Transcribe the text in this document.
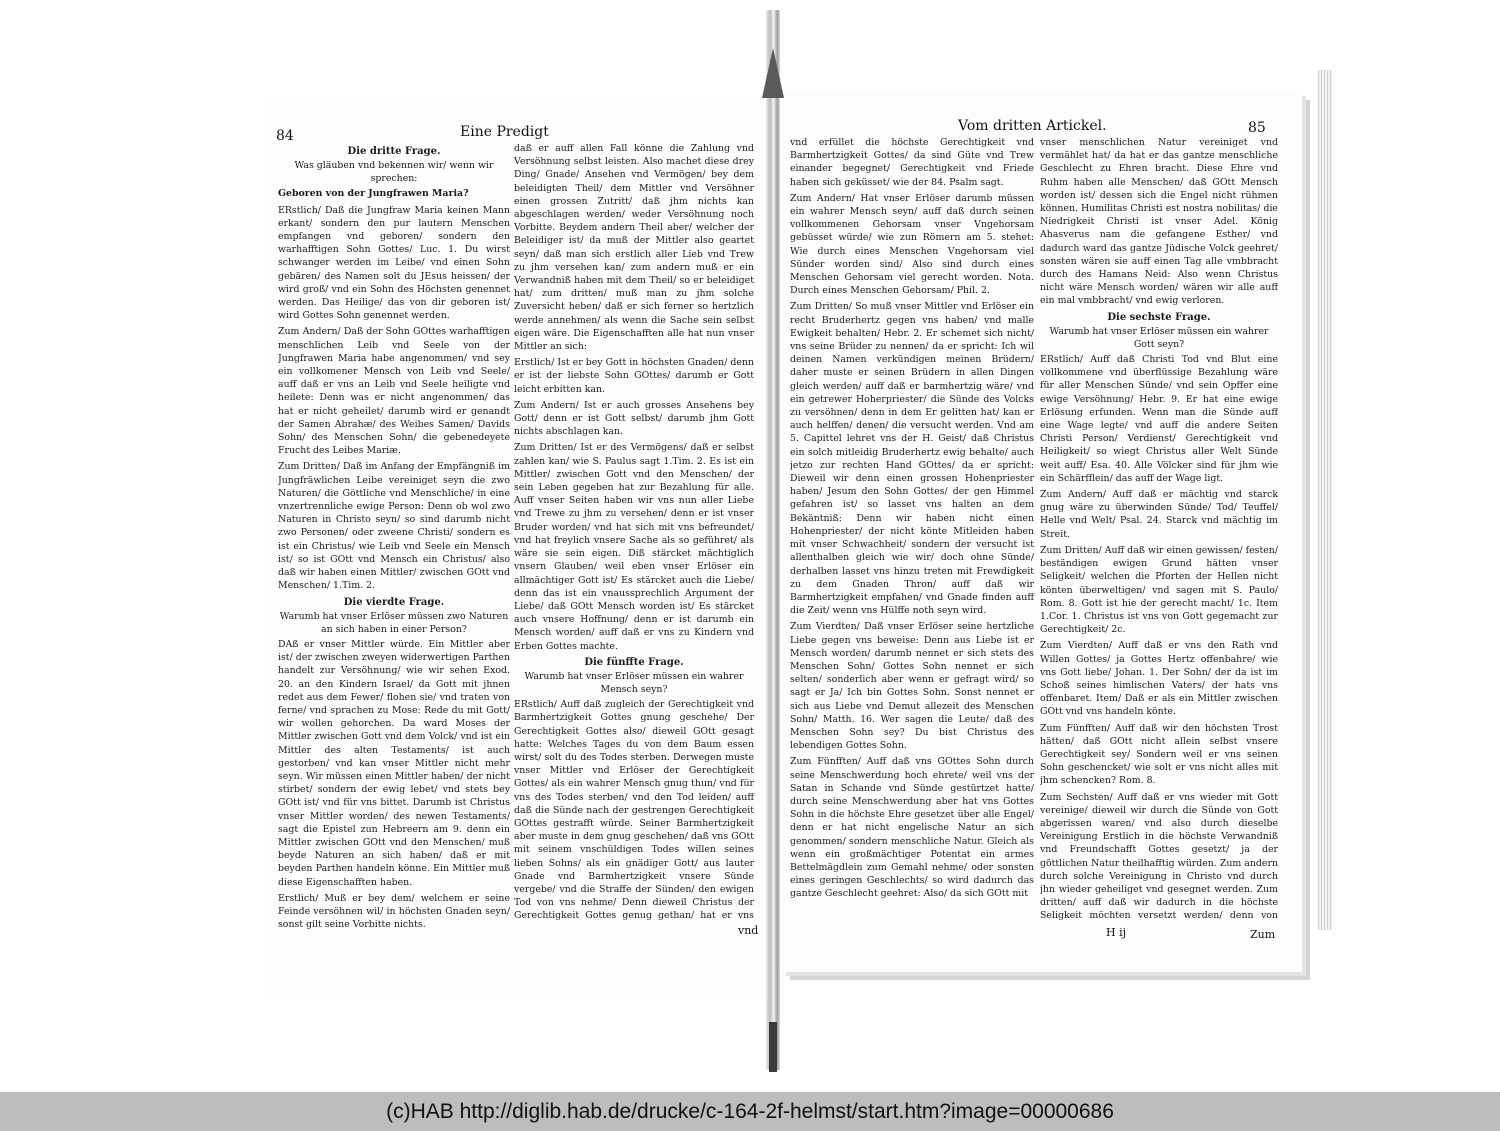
84	Eine Predigt
Die dritte Frage.
Was gläuben vnd bekennen wir/ wenn wir sprechen:

Geboren von der Jungfrawen Maria?

ERstlich/ Daß die Jungfraw Maria keinen Mann erkant/ sondern den pur lautern Menschen empfangen vnd geboren/ sondern den warhafftigen Sohn Gottes/ Luc. 1. Du wirst schwanger werden im Leibe/ vnd einen Sohn gebären/ des Namen solt du JEsus heissen/ der wird groß/ vnd ein Sohn des Höchsten genennet werden. Das Heilige/ das von dir geboren ist/ wird Gottes Sohn genennet werden.

Zum Andern/ Daß der Sohn GOttes warhafftigen menschlichen Leib vnd Seele von der Jungfrawen Maria habe angenommen/ vnd sey ein vollkomener Mensch von Leib vnd Seele/ auff daß er vns an Leib vnd Seele heiligte vnd heilete: Denn was er nicht angenommen/ das hat er nicht geheilet/ darumb wird er genandt der Samen Abrahæ/ des Weibes Samen/ Davids Sohn/ des Menschen Sohn/ die gebenedeyete Frucht des Leibes Mariæ.

Zum Dritten/ Daß im Anfang der Empfängniß im Jungfräwlichen Leibe vereiniget seyn die zwo Naturen/ die Göttliche vnd Menschliche/ in eine vnzertrennliche ewige Person: Denn ob wol zwo Naturen in Christo seyn/ so sind darumb nicht zwo Personen/ oder zweene Christi/ sondern es ist ein Christus/ wie Leib vnd Seele ein Mensch ist/ so ist GOtt vnd Mensch ein Christus/ also daß wir haben einen Mittler/ zwischen GOtt vnd Menschen/ 1.Tim. 2.

Die vierdte Frage.
Warumb hat vnser Erlöser müssen zwo Naturen an sich haben in einer Person?

DAß er vnser Mittler würde. Ein Mittler aber ist/ der zwischen zweyen widerwertigen Parthen handelt zur Versöhnung/ wie wir sehen Exod. 20. an den Kindern Israel/ da Gott mit jhnen redet aus dem Fewer/ flohen sie/ vnd traten von ferne/ vnd sprachen zu Mose: Rede du mit Gott/ wir wollen gehorchen. Da ward Moses der Mittler zwischen Gott vnd dem Volck/ vnd ist ein Mittler des alten Testaments/ ist auch gestorben/ vnd kan vnser Mittler nicht mehr seyn. Wir müssen einen Mittler haben/ der nicht stirbet/ sondern der ewig lebet/ vnd stets bey GOtt ist/ vnd für vns bittet. Darumb ist Christus vnser Mittler worden/ des newen Testaments/ sagt die Epistel zun Hebreern am 9. denn ein Mittler zwischen GOtt vnd den Menschen/ muß beyde Naturen an sich haben/ daß er mit beyden Parthen handeln könne. Ein Mittler muß diese Eigenschafften haben.

Erstlich/ Muß er bey dem/ welchem er seine Feinde versöhnen wil/ in höchsten Gnaden seyn/ sonst gilt seine Vorbitte nichts.

daß er auff allen Fall könne die Zahlung vnd Versöhnung selbst leisten. Also machet diese drey Ding/ Gnade/ Ansehen vnd Vermögen/ bey dem beleidigten Theil/ dem Mittler vnd Versöhner einen grossen Zutritt/ daß jhm nichts kan abgeschlagen werden/ weder Versöhnung noch Vorbitte. Beydem andern Theil aber/ welcher der Beleidiger ist/ da muß der Mittler also geartet seyn/ daß man sich erstlich aller Lieb vnd Trew zu jhm versehen kan/ zum andern muß er ein Verwandniß haben mit dem Theil/ so er beleidiget hat/ zum dritten/ muß man zu jhm solche Zuversicht heben/ daß er sich ferner so hertzlich werde annehmen/ als wenn die Sache sein selbst eigen wäre. Die Eigenschafften alle hat nun vnser Mittler an sich:

Erstlich/ Ist er bey Gott in höchsten Gnaden/ denn er ist der liebste Sohn GOttes/ darumb er Gott leicht erbitten kan.

Zum Andern/ Ist er auch grosses Ansehens bey Gott/ denn er ist Gott selbst/ darumb jhm Gott nichts abschlagen kan.

Zum Dritten/ Ist er des Vermögens/ daß er selbst zahlen kan/ wie S. Paulus sagt 1.Tim. 2. Es ist ein Mittler/ zwischen Gott vnd den Menschen/ der sein Leben gegeben hat zur Bezahlung für alle. Auff vnser Seiten haben wir vns nun aller Liebe vnd Trewe zu jhm zu versehen/ denn er ist vnser Bruder worden/ vnd hat sich mit vns befreundet/ vnd hat freylich vnsere Sache als so geführet/ als wäre sie sein eigen. Diß stärcket mächtiglich vnsern Glauben/ weil eben vnser Erlöser ein allmächtiger Gott ist/ Es stärcket auch die Liebe/ denn das ist ein vnaussprechlich Argument der Liebe/ daß GOtt Mensch worden ist/ Es stärcket auch vnsere Hoffnung/ denn er ist darumb ein Mensch worden/ auff daß er vns zu Kindern vnd Erben Gottes machte.

Die fünffte Frage.
Warumb hat vnser Erlöser müssen ein wahrer Mensch seyn?

ERstlich/ Auff daß zugleich der Gerechtigkeit vnd Barmhertzigkeit Gottes gnung geschehe/ Der Gerechtigkeit Gottes also/ dieweil GOtt gesagt hatte: Welches Tages du von dem Baum essen wirst/ solt du des Todes sterben. Derwegen muste vnser Mittler vnd Erlöser der Gerechtigkeit Gottes/ als ein wahrer Mensch gnug thun/ vnd für vns des Todes sterben/ vnd den Tod leiden/ auff daß die Sünde nach der gestrengen Gerechtigkeit GOttes gestrafft würde. Seiner Barmhertzigkeit aber muste in dem gnug geschehen/ daß vns GOtt mit seinem vnschüldigen Todes willen seines lieben Sohns/ als ein gnädiger Gott/ aus lauter Gnade vnd Barmhertzigkeit vnsere Sünde vergebe/ vnd die Straffe der Sünden/ den ewigen Tod von vns nehme/ Denn dieweil Christus der Gerechtigkeit Gottes genug gethan/ hat er vns

vnd
Vom dritten Artickel.	85

vnd erfüllet die höchste Gerechtigkeit vnd Barmhertzigkeit Gottes/ da sind Güte vnd Trew einander begegnet/ Gerechtigkeit vnd Friede haben sich geküsset/ wie der 84. Psalm sagt.

Zum Andern/ Hat vnser Erlöser darumb müssen ein wahrer Mensch seyn/ auff daß durch seinen vollkommenen Gehorsam vnser Vngehorsam gebüsset würde/ wie zun Römern am 5. stehet: Wie durch eines Menschen Vngehorsam viel Sünder worden sind/ Also sind durch eines Menschen Gehorsam viel gerecht worden. Nota. Durch eines Menschen Gehorsam/ Phil. 2.

Zum Dritten/ So muß vnser Mittler vnd Erlöser ein recht Bruderhertz gegen vns haben/ vnd malle Ewigkeit behalten/ Hebr. 2. Er schemet sich nicht/ vns seine Brüder zu nennen/ da er spricht: Ich wil deinen Namen verkündigen meinen Brüdern/ daher muste er seinen Brüdern in allen Dingen gleich werden/ auff daß er barmhertzig wäre/ vnd ein getrewer Hoherpriester/ die Sünde des Volcks zu versöhnen/ denn in dem Er gelitten hat/ kan er auch helffen/ denen/ die versucht werden. Vnd am 5. Capittel lehret vns der H. Geist/ daß Christus ein solch mitleidig Bruderhertz ewig behalte/ auch jetzo zur rechten Hand GOttes/ da er spricht: Dieweil wir denn einen grossen Hohenpriester haben/ Jesum den Sohn Gottes/ der gen Himmel gefahren ist/ so lasset vns halten an dem Bekäntniß: Denn wir haben nicht einen Hohenpriester/ der nicht könte Mitleiden haben mit vnser Schwachheit/ sondern der versucht ist allenthalben gleich wie wir/ doch ohne Sünde/ derhalben lasset vns hinzu treten mit Frewdigkeit zu dem Gnaden Thron/ auff daß wir Barmhertzigkeit empfahen/ vnd Gnade finden auff die Zeit/ wenn vns Hülffe noth seyn wird.

Zum Vierdten/ Daß vnser Erlöser seine hertzliche Liebe gegen vns beweise: Denn aus Liebe ist er Mensch worden/ darumb nennet er sich stets des Menschen Sohn/ Gottes Sohn nennet er sich selten/ sonderlich aber wenn er gefragt wird/ so sagt er Ja/ Ich bin Gottes Sohn. Sonst nennet er sich aus Liebe vnd Demut allezeit des Menschen Sohn/ Matth. 16. Wer sagen die Leute/ daß des Menschen Sohn sey? Du bist Christus des lebendigen Gottes Sohn.

Zum Fünfften/ Auff daß vns GOttes Sohn durch seine Menschwerdung hoch ehrete/ weil vns der Satan in Schande vnd Sünde gestürtzet hatte/ durch seine Menschwerdung aber hat vns Gottes Sohn in die höchste Ehre gesetzet über alle Engel/ denn er hat nicht engelische Natur an sich genommen/ sondern menschliche Natur. Gleich als wenn ein großmächtiger Potentat ein armes Bettelmägdlein zum Gemahl nehme/ oder sonsten eines geringen Geschlechts/ so wird dadurch das gantze Geschlecht geehret: Also/ da sich GOtt mit

vnser menschlichen Natur vereiniget vnd vermählet hat/ da hat er das gantze menschliche Geschlecht zu Ehren bracht. Diese Ehre vnd Ruhm haben alle Menschen/ daß GOtt Mensch worden ist/ dessen sich die Engel nicht rühmen können. Humilitas Christi est nostra nobilitas/ die Niedrigkeit Christi ist vnser Adel. König Ahasverus nam die gefangene Esther/ vnd dadurch ward das gantze Jüdische Volck geehret/ sonsten wären sie auff einen Tag alle vmbbracht durch des Hamans Neid: Also wenn Christus nicht wäre Mensch worden/ wären wir alle auff ein mal vmbbracht/ vnd ewig verloren.

Die sechste Frage.
Warumb hat vnser Erlöser müssen ein wahrer Gott seyn?

ERstlich/ Auff daß Christi Tod vnd Blut eine vollkommene vnd überflüssige Bezahlung wäre für aller Menschen Sünde/ vnd sein Opffer eine ewige Versöhnung/ Hebr. 9. Er hat eine ewige Erlösung erfunden. Wenn man die Sünde auff eine Wage legte/ vnd auff die andere Seiten Christi Person/ Verdienst/ Gerechtigkeit vnd Heiligkeit/ so wiegt Christus aller Welt Sünde weit auff/ Esa. 40. Alle Völcker sind für jhm wie ein Schärfflein/ das auff der Wage ligt.

Zum Andern/ Auff daß er mächtig vnd starck gnug wäre zu überwinden Sünde/ Tod/ Teuffel/ Helle vnd Welt/ Psal. 24. Starck vnd mächtig im Streit.

Zum Dritten/ Auff daß wir einen gewissen/ festen/ beständigen ewigen Grund hätten vnser Seligkeit/ welchen die Pforten der Hellen nicht könten überweltigen/ vnd sagen mit S. Paulo/ Rom. 8. Gott ist hie der gerecht macht/ 1c. Item 1.Cor. 1. Christus ist vns von Gott gegemacht zur Gerechtigkeit/ 2c.

Zum Vierdten/ Auff daß er vns den Rath vnd Willen Gottes/ ja Gottes Hertz offenbahre/ wie vns Gott liebe/ Johan. 1. Der Sohn/ der da ist im Schoß seines himlischen Vaters/ der hats vns offenbaret. Item/ Daß er als ein Mittler zwischen GOtt vnd vns handeln könte.

Zum Fünfften/ Auff daß wir den höchsten Trost hätten/ daß GOtt nicht allein selbst vnsere Gerechtigkeit sey/ Sondern weil er vns seinen Sohn geschencket/ wie solt er vns nicht alles mit jhm schencken? Rom. 8.

Zum Sechsten/ Auff daß er vns wieder mit Gott vereinige/ dieweil wir durch die Sünde von Gott abgerissen waren/ vnd also durch dieselbe Vereinigung Erstlich in die höchste Verwandniß vnd Freundschafft Gottes gesetzt/ ja der göttlichen Natur theilhafftig würden. Zum andern durch solche Vereinigung in Christo vnd durch jhn wieder geheiliget vnd gesegnet werden. Zum dritten/ auff daß wir dadurch in die höchste Seligkeit möchten versetzt werden/ denn von

H ij	Zum
(c)HAB http://diglib.hab.de/drucke/c-164-2f-helmst/start.htm?image=00000686
